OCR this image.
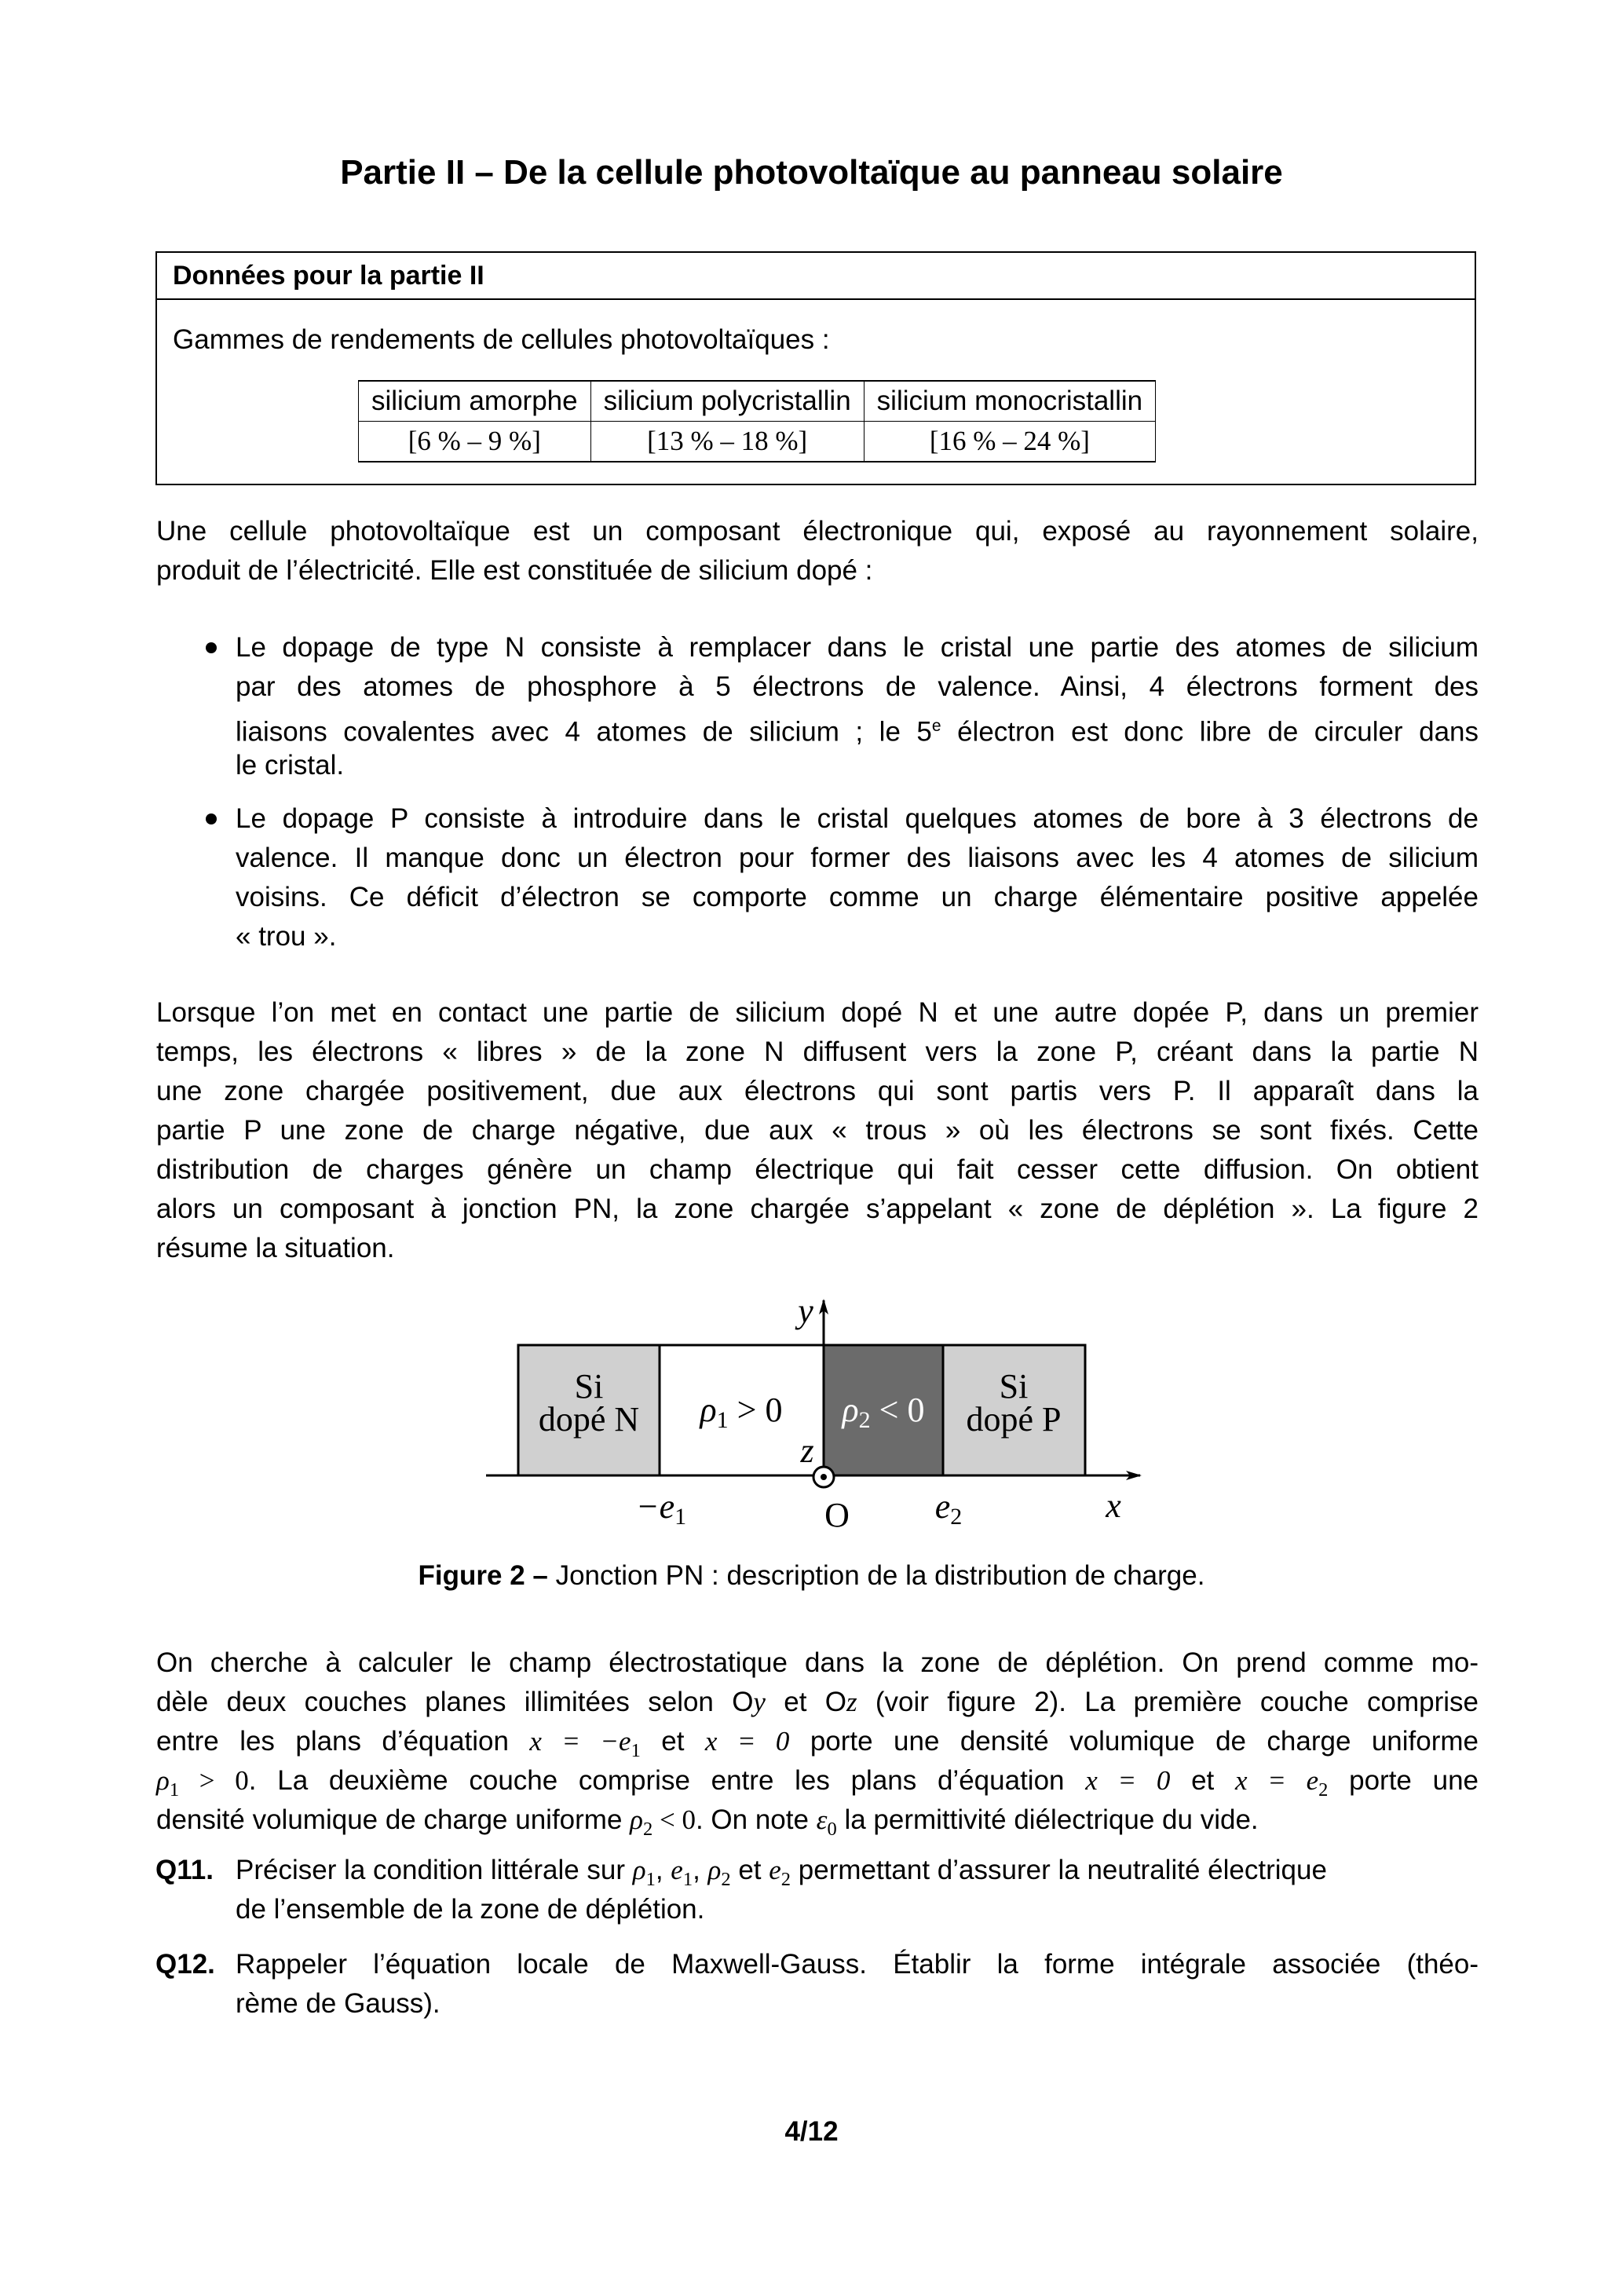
Partie II – De la cellule photovoltaïque au panneau solaire
Données pour la partie II
Gammes de rendements de cellules photovoltaïques :
silicium amorphe	silicium polycristallin	silicium monocristallin
[6 % – 9 %]	[13 % – 18 %]	[16 % – 24 %]
Une cellule photovoltaïque est un composant électronique qui, exposé au rayonnement solaire,
produit de l’électricité. Elle est constituée de silicium dopé :
Le dopage de type N consiste à remplacer dans le cristal une partie des atomes de silicium
par des atomes de phosphore à 5 électrons de valence. Ainsi, 4 électrons forment des
liaisons covalentes avec 4 atomes de silicium ; le 5e électron est donc libre de circuler dans
le cristal.
Le dopage P consiste à introduire dans le cristal quelques atomes de bore à 3 électrons de
valence. Il manque donc un électron pour former des liaisons avec les 4 atomes de silicium
voisins. Ce déficit d’électron se comporte comme un charge élémentaire positive appelée
« trou ».
Lorsque l’on met en contact une partie de silicium dopé N et une autre dopée P, dans un premier
temps, les électrons « libres » de la zone N diffusent vers la zone P, créant dans la partie N
une zone chargée positivement, due aux électrons qui sont partis vers P. Il apparaît dans la
partie P une zone de charge négative, due aux « trous » où les électrons se sont fixés. Cette
distribution de charges génère un champ électrique qui fait cesser cette diffusion. On obtient
alors un composant à jonction PN, la zone chargée s’appelant « zone de déplétion ». La figure 2
résume la situation.
Si
dopé N ρ1 > 0 ρ2 < 0
Si
dopé P
y
z
x
O
−e1	e2
Figure 2 – Jonction PN : description de la distribution de charge.
On cherche à calculer le champ électrostatique dans la zone de déplétion. On prend comme mo-
dèle deux couches planes illimitées selon Oy et Oz (voir figure 2). La première couche comprise
entre les plans d’équation $x = -e_1$ et x = 0 porte une densité volumique de charge uniforme
$\rho_1 > 0$. La deuxième couche comprise entre les plans d’équation x = 0 et $x = e_2$ porte une
densité volumique de charge uniforme $\rho_2 < 0$. On note $\varepsilon_0$ la permittivité diélectrique du vide.
Q11. Préciser la condition littérale sur $\rho_1$, $e_1$, $\rho_2$ et $e_2$ permettant d’assurer la neutralité électrique
de l’ensemble de la zone de déplétion.
Q12. Rappeler l’équation locale de Maxwell-Gauss. Établir la forme intégrale associée (théo-
rème de Gauss).
4/12
